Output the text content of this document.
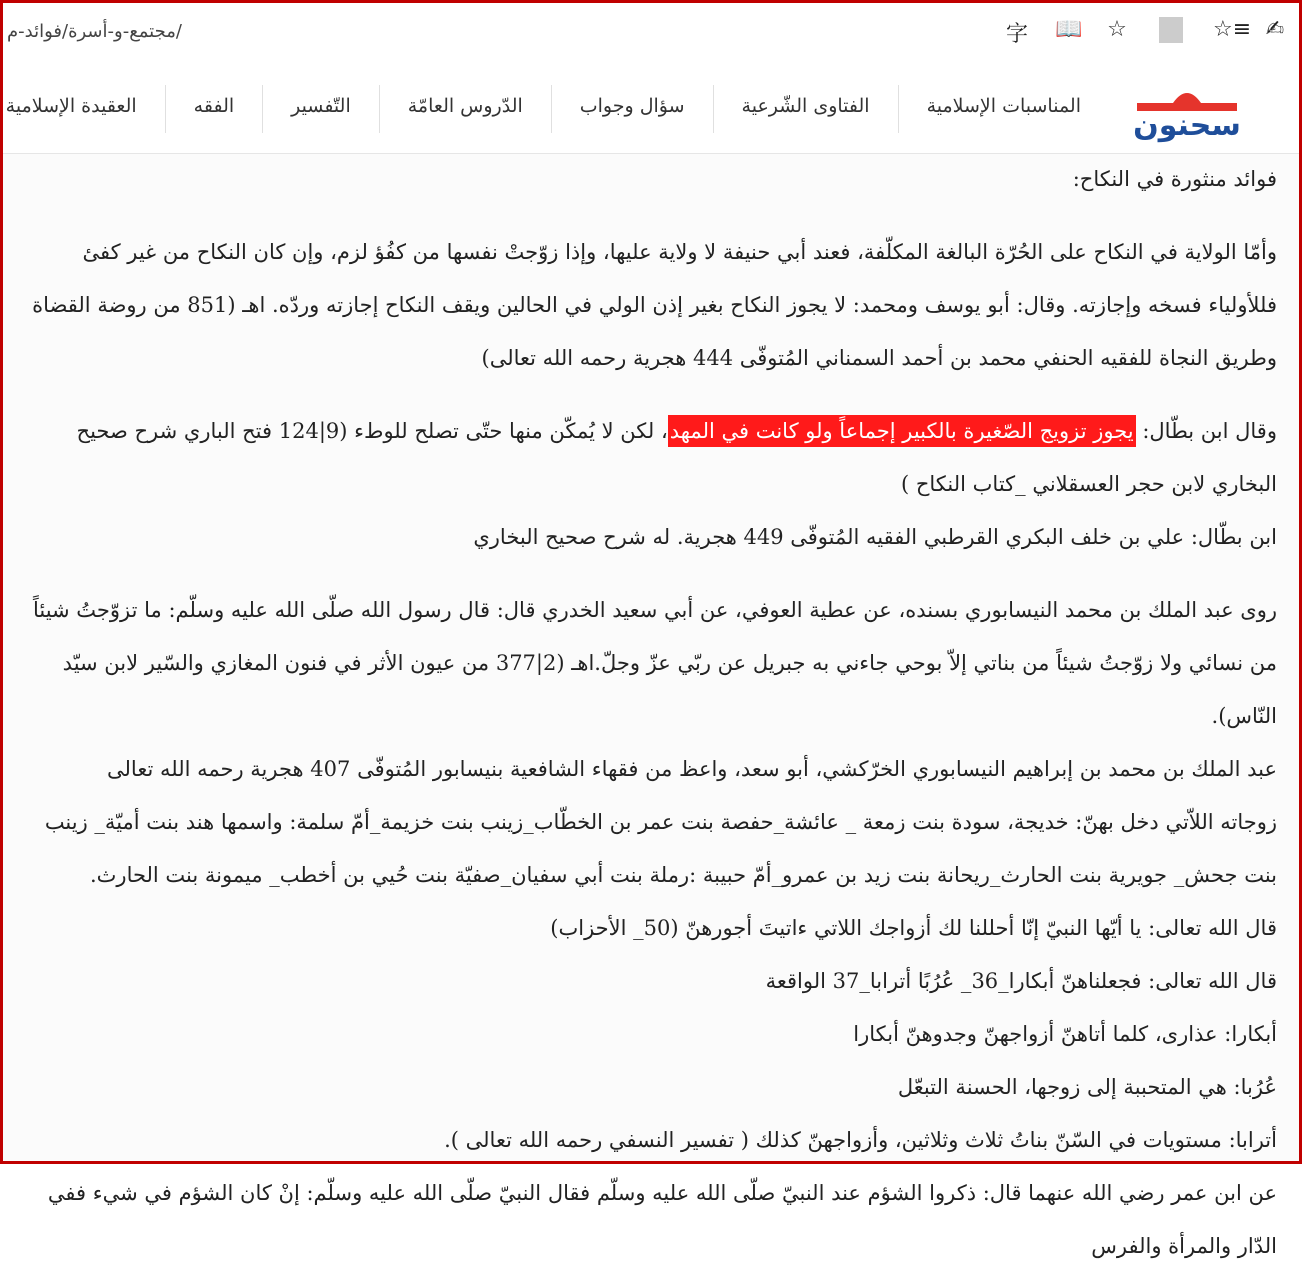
مجتمع-و-أسرة/فوائد-م/	字 📖 ☆	☆≡ ✍
سحنون
العقيدة الإسلامية	الفقه	التّفسير	الدّروس العامّة	سؤال وجواب	الفتاوى الشّرعية	المناسبات الإسلامية

فوائد منثورة في النكاح:

وأمّا الولاية في النكاح على الحُرّة البالغة المكلّفة، فعند أبي حنيفة لا ولاية عليها، وإذا زوّجتْ نفسها من كفُؤ لزم، وإن كان النكاح من غير كفئ فللأولياء فسخه وإجازته. وقال: أبو يوسف ومحمد: لا يجوز النكاح بغير إذن الولي في الحالين ويقف النكاح إجازته وردّه. اهـ (851 من روضة القضاة وطريق النجاة للفقيه الحنفي محمد بن أحمد السمناني المُتوفّى 444 هجرية رحمه الله تعالى)

وقال ابن بطّال: يجوز تزويج الصّغيرة بالكبير إجماعاً ولو كانت في المهد، لكن لا يُمكّن منها حتّى تصلح للوطء (9|124 فتح الباري شرح صحيح البخاري لابن حجر العسقلاني _كتاب النكاح )

ابن بطّال: علي بن خلف البكري القرطبي الفقيه المُتوفّى 449 هجرية. له شرح صحيح البخاري

روى عبد الملك بن محمد النيسابوري بسنده، عن عطية العوفي، عن أبي سعيد الخدري قال: قال رسول الله صلّى الله عليه وسلّم: ما تزوّجتُ شيئاً من نسائي ولا زوّجتُ شيئاً من بناتي إلاّ بوحي جاءني به جبريل عن ربّي عزّ وجلّ.اهـ (2|377 من عيون الأثر في فنون المغازي والسّير لابن سيّد النّاس).

عبد الملك بن محمد بن إبراهيم النيسابوري الخرّكشي، أبو سعد، واعظ من فقهاء الشافعية بنيسابور المُتوفّى 407 هجرية رحمه الله تعالى

زوجاته اللاّتي دخل بهنّ: خديجة، سودة بنت زمعة _ عائشة_حفصة بنت عمر بن الخطّاب_زينب بنت خزيمة_أمّ سلمة: واسمها هند بنت أميّة_ زينب بنت جحش_ جويرية بنت الحارث_ريحانة بنت زيد بن عمرو_أمّ حبيبة :رملة بنت أبي سفيان_صفيّة بنت حُيي بن أخطب_ ميمونة بنت الحارث.

قال الله تعالى: يا أيّها النبيّ إنّا أحللنا لك أزواجك اللاتي ءاتيتَ أجورهنّ (50_ الأحزاب)

قال الله تعالى: فجعلناهنّ أبكارا_36_ عُرُبًا أترابا_37 الواقعة

أبكارا: عذارى، كلما أتاهنّ أزواجهنّ وجدوهنّ أبكارا

عُرُبا: هي المتحببة إلى زوجها، الحسنة التبعّل

أترابا: مستويات في السّنّ بناتُ ثلاث وثلاثين، وأزواجهنّ كذلك ( تفسير النسفي رحمه الله تعالى ).

عن ابن عمر رضي الله عنهما قال: ذكروا الشؤم عند النبيّ صلّى الله عليه وسلّم فقال النبيّ صلّى الله عليه وسلّم: إنْ كان الشؤم في شيء ففي الدّار والمرأة والفرس
